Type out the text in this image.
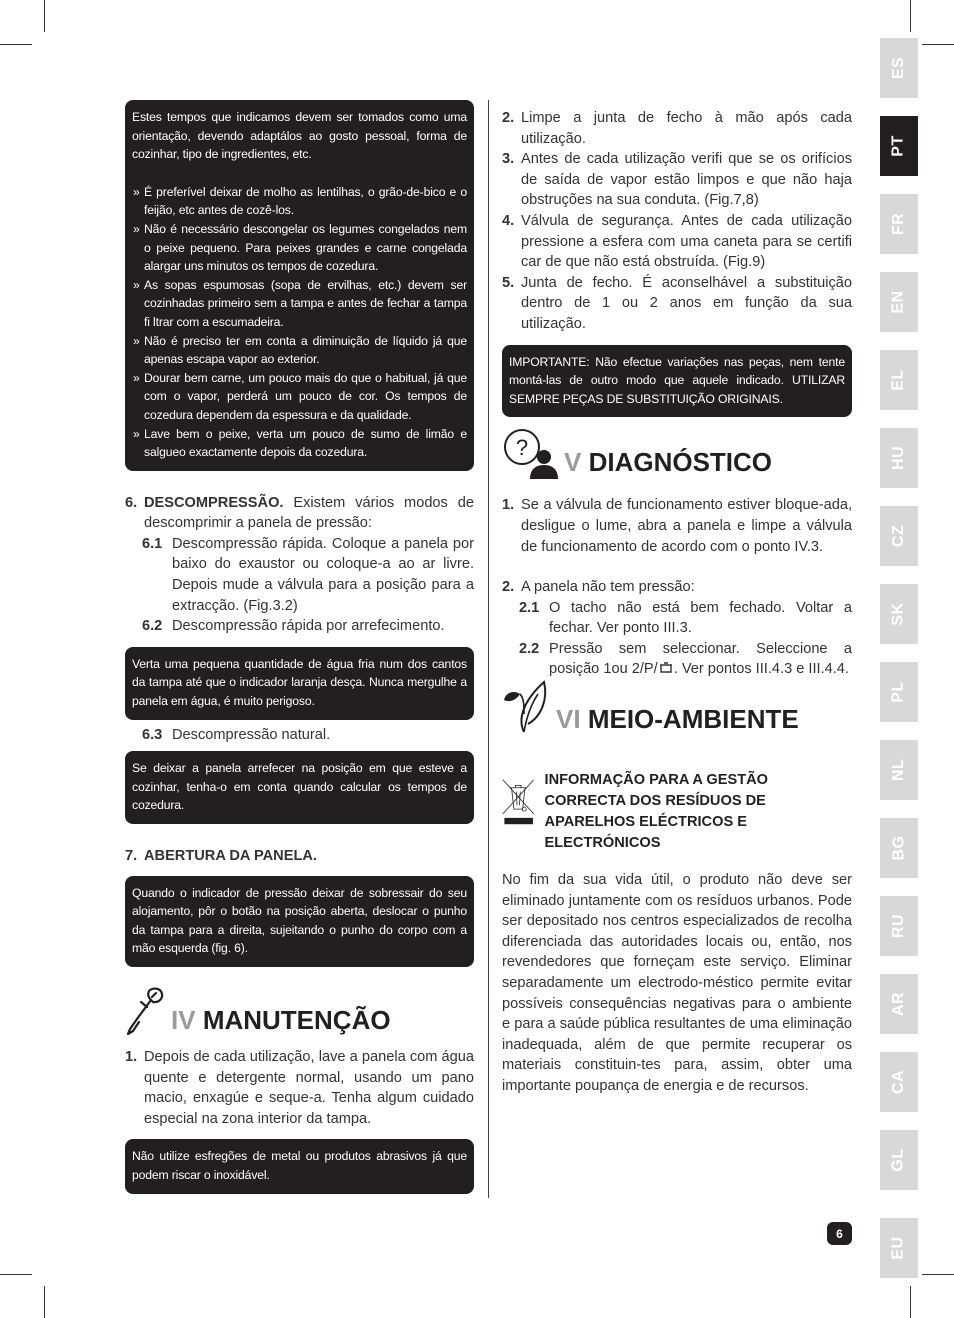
ES
PT
FR
EN
EL
HU
CZ
SK
PL
NL
BG
RU
AR
CA
GL
EU

Estes tempos que indicamos devem ser tomados como uma orientação, devendo adaptálos ao gosto pessoal, forma de cozinhar, tipo de ingredientes, etc.

» É preferível deixar de molho as lentilhas, o grão-de-bico e o feijão, etc antes de cozê-los.
» Não é necessário descongelar os legumes congelados nem o peixe pequeno. Para peixes grandes e carne congelada alargar uns minutos os tempos de cozedura.
» As sopas espumosas (sopa de ervilhas, etc.) devem ser cozinhadas primeiro sem a tampa e antes de fechar a tampa fi ltrar com a escumadeira.
» Não é preciso ter em conta a diminuição de líquido já que apenas escapa vapor ao exterior.
» Dourar bem carne, um pouco mais do que o habitual, já que com o vapor, perderá um pouco de cor. Os tempos de cozedura dependem da espessura e da qualidade.
» Lave bem o peixe, verta um pouco de sumo de limão e salgueo exactamente depois da cozedura.
6. DESCOMPRESSÃO. Existem vários modos de descomprimir a panela de pressão:
6.1 Descompressão rápida. Coloque a panela por baixo do exaustor ou coloque-a ao ar livre. Depois mude a válvula para a posição para a extracção. (Fig.3.2)
6.2 Descompressão rápida por arrefecimento.

Verta uma pequena quantidade de água fria num dos cantos da tampa até que o indicador laranja desça. Nunca mergulhe a panela em água, é muito perigoso.

6.3 Descompressão natural.

Se deixar a panela arrefecer na posição em que esteve a cozinhar, tenha-o em conta quando calcular os tempos de cozedura.

7. ABERTURA DA PANELA.

Quando o indicador de pressão deixar de sobressair do seu alojamento, pôr o botão na posição aberta, deslocar o punho da tampa para a direita, sujeitando o punho do corpo com a mão esquerda (fig. 6).

IV MANUTENÇÃO
1. Depois de cada utilização, lave a panela com água quente e detergente normal, usando um pano macio, enxagúe e seque-a. Tenha algum cuidado especial na zona interior da tampa.

Não utilize esfregões de metal ou produtos abrasivos já que podem riscar o inoxidável.

2. Limpe a junta de fecho à mão após cada utilização.
3. Antes de cada utilização verifi que se os orifícios de saída de vapor estão limpos e que não haja obstruções na sua conduta. (Fig.7,8)
4. Válvula de segurança. Antes de cada utilização pressione a esfera com uma caneta para se certifi car de que não está obstruída. (Fig.9)
5. Junta de fecho. É aconselhável a substituição dentro de 1 ou 2 anos em função da sua utilização.

IMPORTANTE: Não efectue variações nas peças, nem tente montá-las de outro modo que aquele indicado. UTILIZAR SEMPRE PEÇAS DE SUBSTITUIÇÃO ORIGINAIS.

? V DIAGNÓSTICO
1. Se a válvula de funcionamento estiver bloque-ada, desligue o lume, abra a panela e limpe a válvula de funcionamento de acordo com o ponto IV.3.
2. A panela não tem pressão:
2.1 O tacho não está bem fechado. Voltar a fechar. Ver ponto III.3.
2.2 Pressão sem seleccionar. Seleccione a posição 1ou 2/P/ . Ver pontos III.4.3 e III.4.4.
VI MEIO-AMBIENTE
INFORMAÇÃO PARA A GESTÃO CORRECTA DOS RESÍDUOS DE APARELHOS ELÉCTRICOS E ELECTRÓNICOS
No fim da sua vida útil, o produto não deve ser eliminado juntamente com os resíduos urbanos. Pode ser depositado nos centros especializados de recolha diferenciada das autoridades locais ou, então, nos revendedores que forneçam este serviço. Eliminar separadamente um electrodo-méstico permite evitar possíveis consequências negativas para o ambiente e para a saúde pública resultantes de uma eliminação inadequada, além de que permite recuperar os materiais constituin-tes para, assim, obter uma importante poupança de energia e de recursos.
6
